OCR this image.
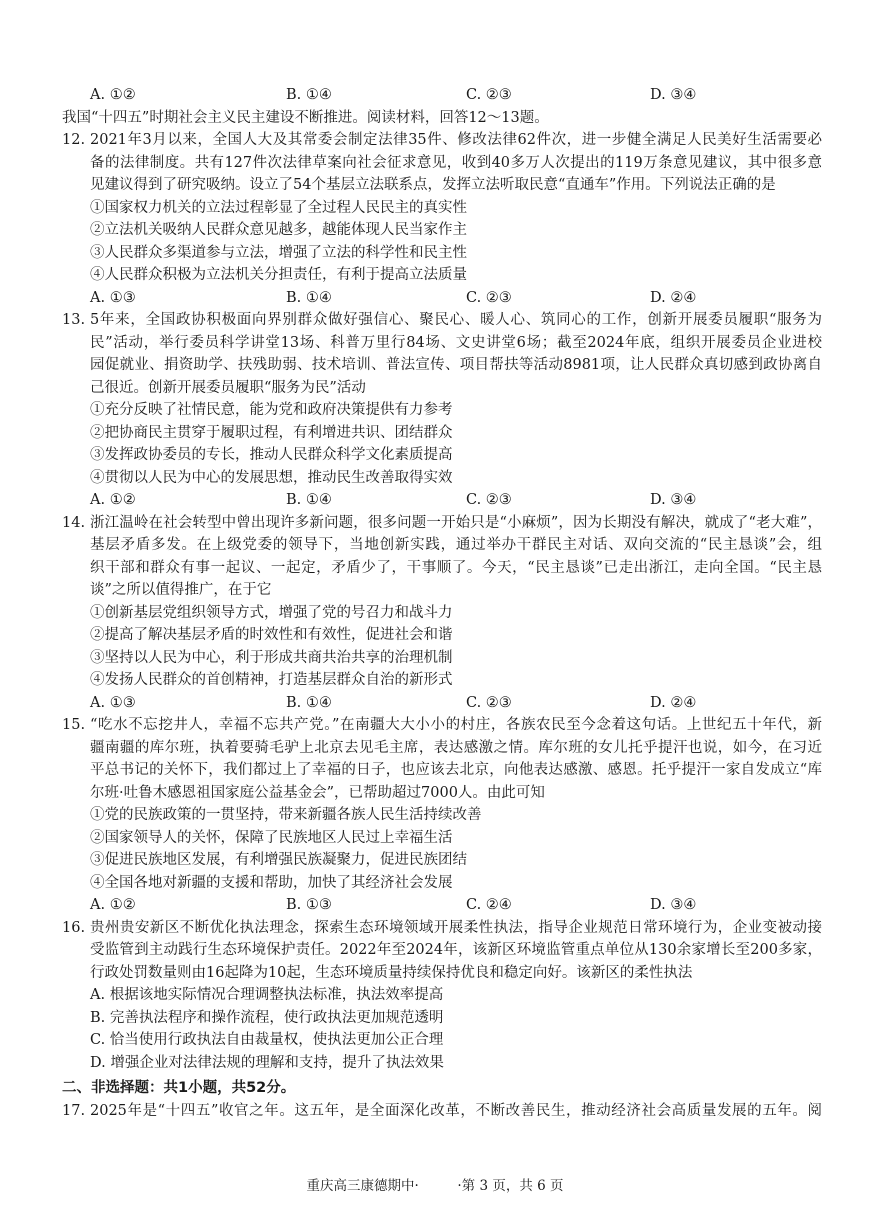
A. ①②	B. ①④	C. ②③	D. ③④
我国“十四五”时期社会主义民主建设不断推进。阅读材料，回答12～13题。
12. 2021年3月以来，全国人大及其常委会制定法律35件、修改法律62件次，进一步健全满足人民美好生活需要必

备的法律制度。共有127件次法律草案向社会征求意见，收到40多万人次提出的119万条意见建议，其中很多意

见建议得到了研究吸纳。设立了54个基层立法联系点，发挥立法听取民意“直通车”作用。下列说法正确的是

①国家权力机关的立法过程彰显了全过程人民民主的真实性
②立法机关吸纳人民群众意见越多，越能体现人民当家作主
③人民群众多渠道参与立法，增强了立法的科学性和民主性
④人民群众积极为立法机关分担责任，有利于提高立法质量
A. ①③	B. ①④	C. ②③	D. ②④
13. 5年来，全国政协积极面向界别群众做好强信心、聚民心、暖人心、筑同心的工作，创新开展委员履职“服务为

民”活动，举行委员科学讲堂13场、科普万里行84场、文史讲堂6场；截至2024年底，组织开展委员企业进校

园促就业、捐资助学、扶残助弱、技术培训、普法宣传、项目帮扶等活动8981项，让人民群众真切感到政协离自

己很近。创新开展委员履职“服务为民”活动

①充分反映了社情民意，能为党和政府决策提供有力参考
②把协商民主贯穿于履职过程，有利增进共识、团结群众
③发挥政协委员的专长，推动人民群众科学文化素质提高
④贯彻以人民为中心的发展思想，推动民生改善取得实效
A. ①②	B. ①④	C. ②③	D. ③④
14. 浙江温岭在社会转型中曾出现许多新问题，很多问题一开始只是“小麻烦”，因为长期没有解决，就成了“老大难”，

基层矛盾多发。在上级党委的领导下，当地创新实践，通过举办干群民主对话、双向交流的“民主恳谈”会，组

织干部和群众有事一起议、一起定，矛盾少了，干事顺了。今天，“民主恳谈”已走出浙江，走向全国。“民主恳

谈”之所以值得推广，在于它

①创新基层党组织领导方式，增强了党的号召力和战斗力
②提高了解决基层矛盾的时效性和有效性，促进社会和谐
③坚持以人民为中心，利于形成共商共治共享的治理机制
④发扬人民群众的首创精神，打造基层群众自治的新形式
A. ①③	B. ①④	C. ②③	D. ②④
15. “吃水不忘挖井人，幸福不忘共产党。”在南疆大大小小的村庄，各族农民至今念着这句话。上世纪五十年代，新

疆南疆的库尔班，执着要骑毛驴上北京去见毛主席，表达感激之情。库尔班的女儿托乎提汗也说，如今，在习近

平总书记的关怀下，我们都过上了幸福的日子，也应该去北京，向他表达感激、感恩。托乎提汗一家自发成立“库

尔班·吐鲁木感恩祖国家庭公益基金会”，已帮助超过7000人。由此可知

①党的民族政策的一贯坚持，带来新疆各族人民生活持续改善
②国家领导人的关怀，保障了民族地区人民过上幸福生活
③促进民族地区发展，有利增强民族凝聚力，促进民族团结
④全国各地对新疆的支援和帮助，加快了其经济社会发展
A. ①②	B. ①③	C. ②④	D. ③④
16. 贵州贵安新区不断优化执法理念，探索生态环境领域开展柔性执法，指导企业规范日常环境行为，企业变被动接

受监管到主动践行生态环境保护责任。2022年至2024年，该新区环境监管重点单位从130余家增长至200多家，

行政处罚数量则由16起降为10起，生态环境质量持续保持优良和稳定向好。该新区的柔性执法

A. 根据该地实际情况合理调整执法标准，执法效率提高
B. 完善执法程序和操作流程，使行政执法更加规范透明
C. 恰当使用行政执法自由裁量权，使执法更加公正合理
D. 增强企业对法律法规的理解和支持，提升了执法效果
二、非选择题：共1小题，共52分。
17. 2025年是“十四五”收官之年。这五年，是全面深化改革，不断改善民生，推动经济社会高质量发展的五年。阅

重庆高三康德期中·         ·第 3 页，共 6 页
